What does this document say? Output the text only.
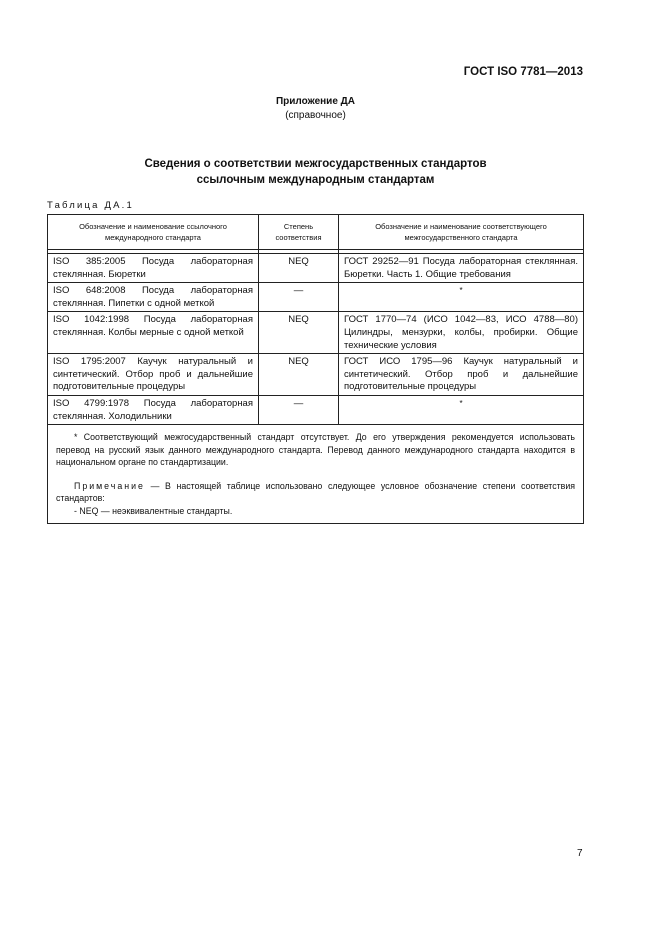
ГОСТ ISO 7781—2013
Приложение ДА
(справочное)
Сведения о соответствии межгосударственных стандартов
ссылочным международным стандартам
Таблица ДА.1
Обозначение и наименование ссылочного международного стандарта	Степень соответствия	Обозначение и наименование соответствующего межгосударственного стандарта

ISO 385:2005 Посуда лабораторная стеклянная. Бюретки	NEQ	ГОСТ 29252—91 Посуда лабораторная стеклянная. Бюретки. Часть 1. Общие требования
ISO 648:2008 Посуда лабораторная стеклянная. Пипетки с одной меткой	—	*
ISO 1042:1998 Посуда лабораторная стеклянная. Колбы мерные с одной меткой	NEQ	ГОСТ 1770—74 (ИСО 1042—83, ИСО 4788—80) Цилиндры, мензурки, колбы, пробирки. Общие технические условия
ISO 1795:2007 Каучук натуральный и синтетический. Отбор проб и дальнейшие подготовительные процедуры	NEQ	ГОСТ ИСО 1795—96 Каучук натуральный и синтетический. Отбор проб и дальнейшие подготовительные процедуры
ISO 4799:1978 Посуда лабораторная стеклянная. Холодильники	—	*

* Соответствующий межгосударственный стандарт отсутствует. До его утверждения рекомендуется использовать перевод на русский язык данного международного стандарта. Перевод данного международного стандарта находится в национальном органе по стандартизации.

Примечание — В настоящей таблице использовано следующее условное обозначение степени соответствия стандартов:

- NEQ — неэквивалентные стандарты.		

7
